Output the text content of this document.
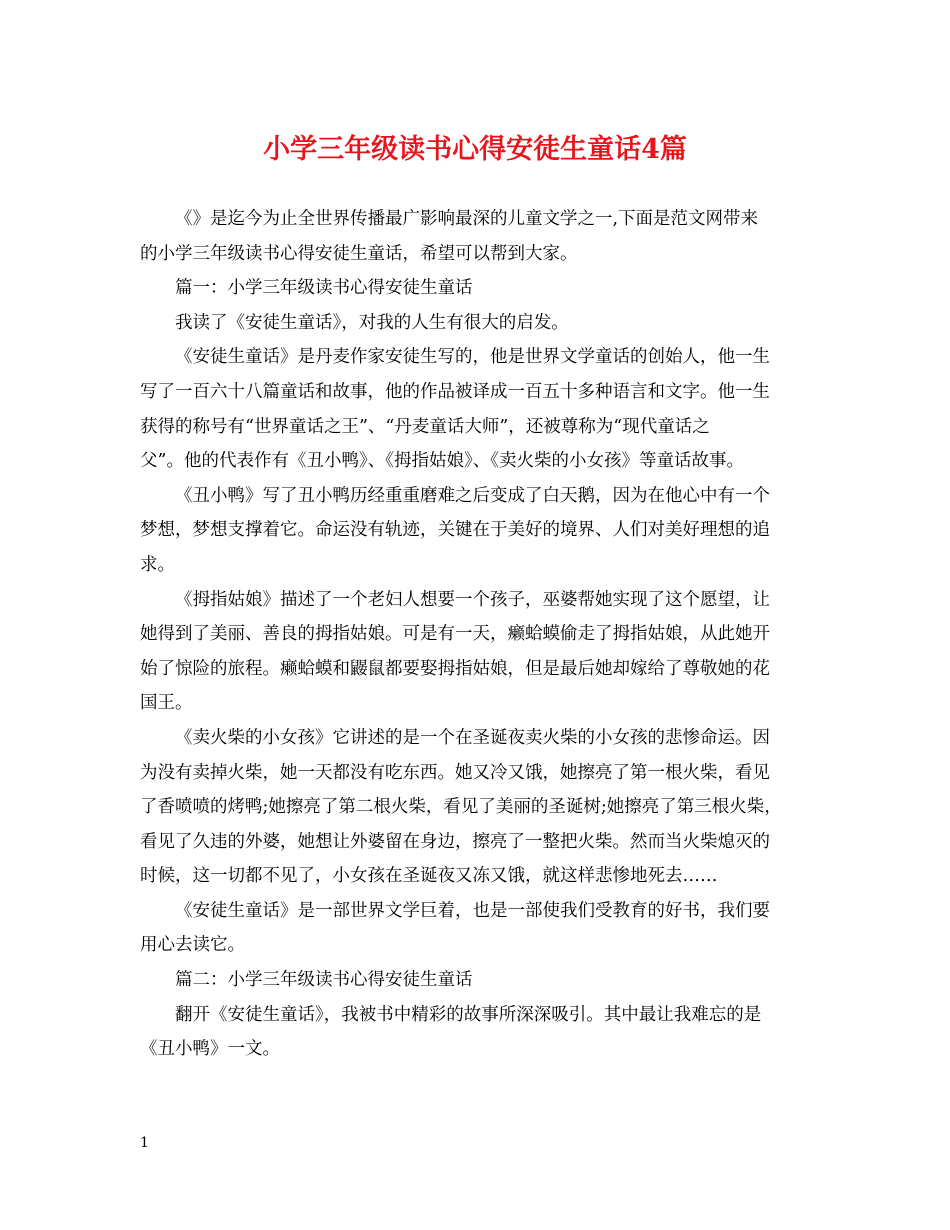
小学三年级读书心得安徒生童话4篇
《》是迄今为止全世界传播最广影响最深的儿童文学之一,下面是范文网带来
的小学三年级读书心得安徒生童话，希望可以帮到大家。
篇一：小学三年级读书心得安徒生童话
我读了《安徒生童话》，对我的人生有很大的启发。
《安徒生童话》是丹麦作家安徒生写的，他是世界文学童话的创始人，他一生
写了一百六十八篇童话和故事，他的作品被译成一百五十多种语言和文字。他一生
获得的称号有“世界童话之王”、“丹麦童话大师”，还被尊称为“现代童话之
父”。他的代表作有《丑小鸭》、《拇指姑娘》、《卖火柴的小女孩》等童话故事。
《丑小鸭》写了丑小鸭历经重重磨难之后变成了白天鹅，因为在他心中有一个
梦想，梦想支撑着它。命运没有轨迹，关键在于美好的境界、人们对美好理想的追
求。
《拇指姑娘》描述了一个老妇人想要一个孩子，巫婆帮她实现了这个愿望，让
她得到了美丽、善良的拇指姑娘。可是有一天，癞蛤蟆偷走了拇指姑娘，从此她开
始了惊险的旅程。癞蛤蟆和鼹鼠都要娶拇指姑娘，但是最后她却嫁给了尊敬她的花
国王。
《卖火柴的小女孩》它讲述的是一个在圣诞夜卖火柴的小女孩的悲惨命运。因
为没有卖掉火柴，她一天都没有吃东西。她又冷又饿，她擦亮了第一根火柴，看见
了香喷喷的烤鸭;她擦亮了第二根火柴，看见了美丽的圣诞树;她擦亮了第三根火柴，
看见了久违的外婆，她想让外婆留在身边，擦亮了一整把火柴。然而当火柴熄灭的
时候，这一切都不见了，小女孩在圣诞夜又冻又饿，就这样悲惨地死去……
《安徒生童话》是一部世界文学巨着，也是一部使我们受教育的好书，我们要
用心去读它。
篇二：小学三年级读书心得安徒生童话
翻开《安徒生童话》，我被书中精彩的故事所深深吸引。其中最让我难忘的是
《丑小鸭》一文。
1
